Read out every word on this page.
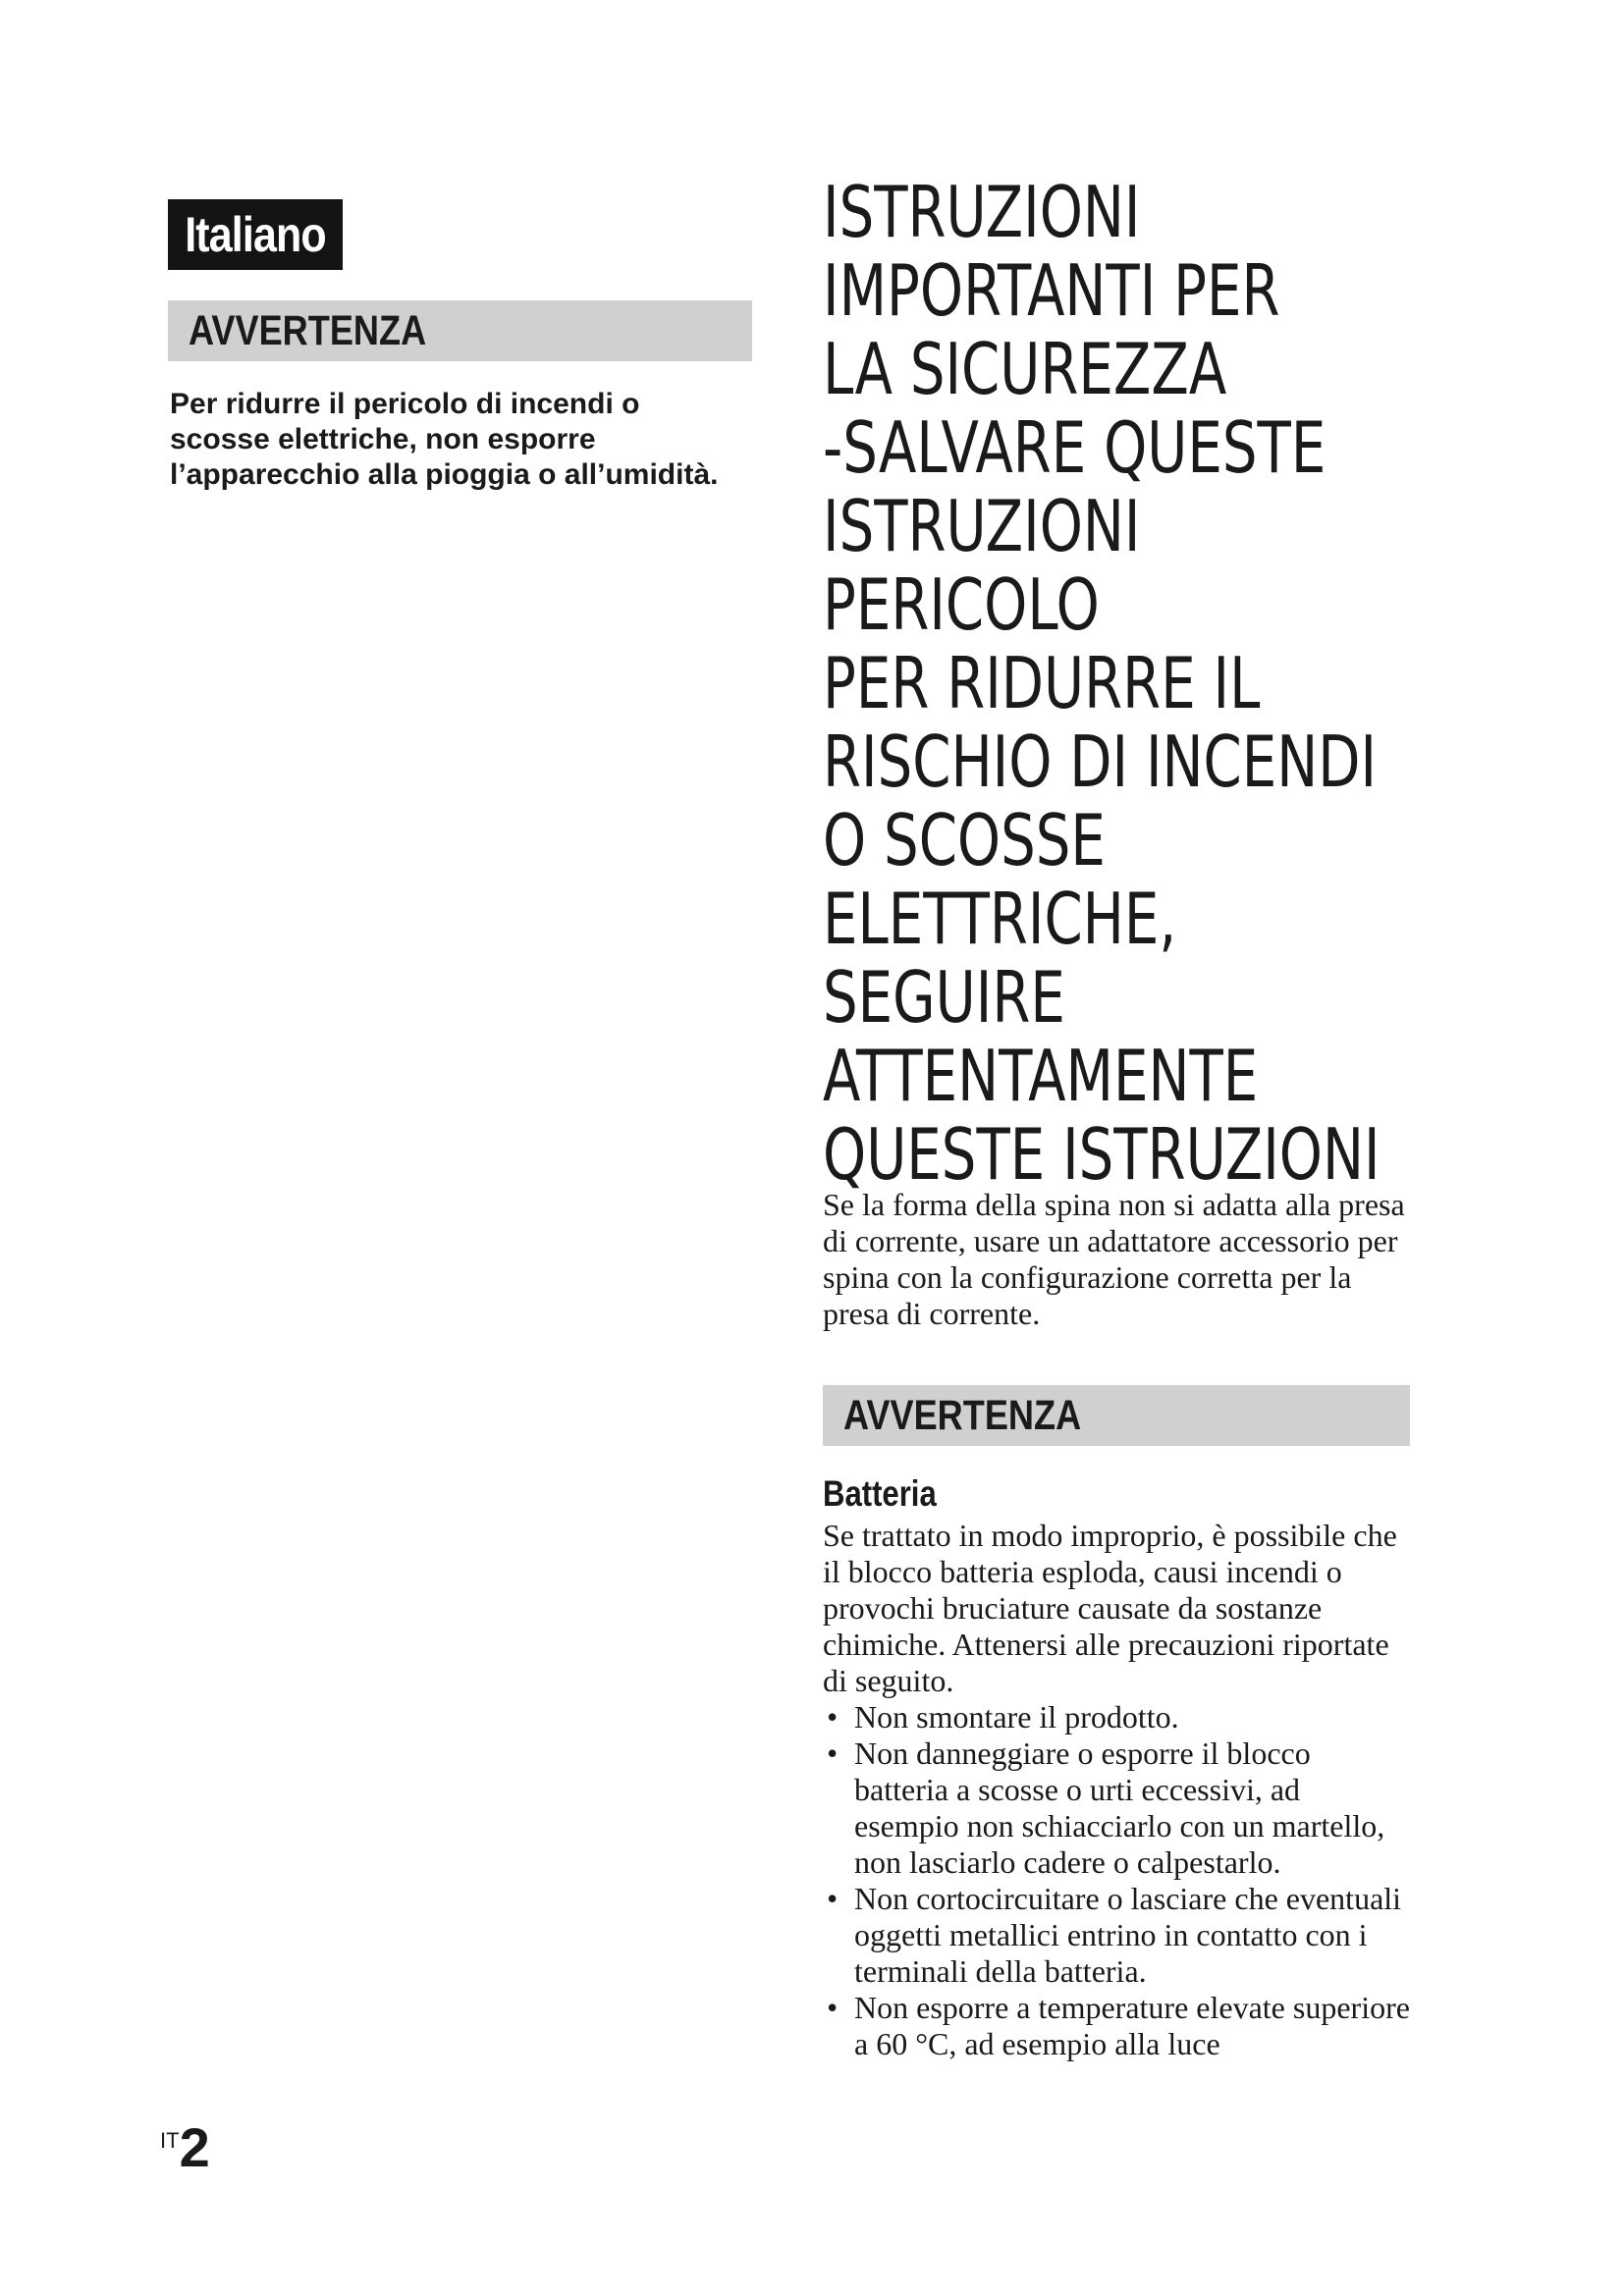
Italiano
AVVERTENZA

Per ridurre il pericolo di incendi o scosse elettriche, non esporre l’apparecchio alla pioggia o all’umidità.

ISTRUZIONI
IMPORTANTI PER
LA SICUREZZA
-SALVARE QUESTE
ISTRUZIONI
PERICOLO
PER RIDURRE IL
RISCHIO DI INCENDI
O SCOSSE
ELETTRICHE,
SEGUIRE
ATTENTAMENTE
QUESTE ISTRUZIONI

Se la forma della spina non si adatta alla presa di corrente, usare un adattatore accessorio per spina con la configurazione corretta per la presa di corrente.

AVVERTENZA
Batteria

Se trattato in modo improprio, è possibile che il blocco batteria esploda, causi incendi o provochi bruciature causate da sostanze chimiche. Attenersi alle precauzioni riportate di seguito.

• Non smontare il prodotto.
• Non danneggiare o esporre il blocco batteria a scosse o urti eccessivi, ad esempio non schiacciarlo con un martello, non lasciarlo cadere o calpestarlo.
• Non cortocircuitare o lasciare che eventuali oggetti metallici entrino in contatto con i terminali della batteria.
• Non esporre a temperature elevate superiore a 60 °C, ad esempio alla luce
IT2
